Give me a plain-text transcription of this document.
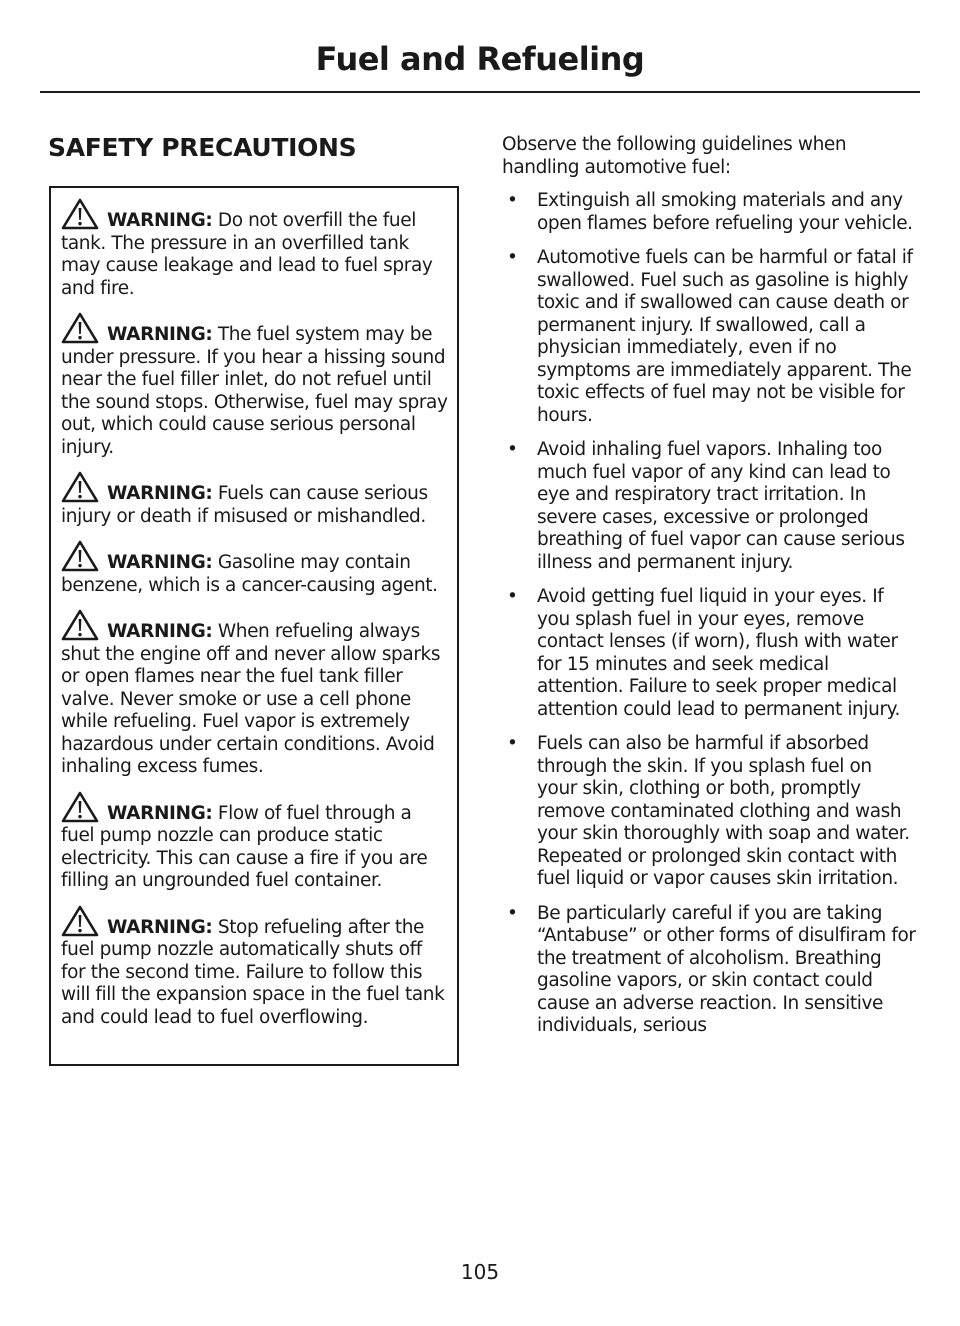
Fuel and Refueling
SAFETY PRECAUTIONS

WARNING: Do not overfill the fuel tank. The pressure in an overfilled tank may cause leakage and lead to fuel spray and fire.

WARNING: The fuel system may be under pressure. If you hear a hissing sound near the fuel filler inlet, do not refuel until the sound stops. Otherwise, fuel may spray out, which could cause serious personal injury.

WARNING: Fuels can cause serious injury or death if misused or mishandled.

WARNING: Gasoline may contain benzene, which is a cancer-causing agent.

WARNING: When refueling always shut the engine off and never allow sparks or open flames near the fuel tank filler valve. Never smoke or use a cell phone while refueling. Fuel vapor is extremely hazardous under certain conditions. Avoid inhaling excess fumes.

WARNING: Flow of fuel through a fuel pump nozzle can produce static electricity. This can cause a fire if you are filling an ungrounded fuel container.

WARNING: Stop refueling after the fuel pump nozzle automatically shuts off for the second time. Failure to follow this will fill the expansion space in the fuel tank and could lead to fuel overflowing.

Observe the following guidelines when handling automotive fuel:

• Extinguish all smoking materials and any open flames before refueling your vehicle.
• Automotive fuels can be harmful or fatal if swallowed. Fuel such as gasoline is highly toxic and if swallowed can cause death or permanent injury. If swallowed, call a physician immediately, even if no symptoms are immediately apparent. The toxic effects of fuel may not be visible for hours.
• Avoid inhaling fuel vapors. Inhaling too much fuel vapor of any kind can lead to eye and respiratory tract irritation. In severe cases, excessive or prolonged breathing of fuel vapor can cause serious illness and permanent injury.
• Avoid getting fuel liquid in your eyes. If you splash fuel in your eyes, remove contact lenses (if worn), flush with water for 15 minutes and seek medical attention. Failure to seek proper medical attention could lead to permanent injury.
• Fuels can also be harmful if absorbed through the skin. If you splash fuel on your skin, clothing or both, promptly remove contaminated clothing and wash your skin thoroughly with soap and water. Repeated or prolonged skin contact with fuel liquid or vapor causes skin irritation.
• Be particularly careful if you are taking “Antabuse” or other forms of disulfiram for the treatment of alcoholism. Breathing gasoline vapors, or skin contact could cause an adverse reaction. In sensitive individuals, serious
105
